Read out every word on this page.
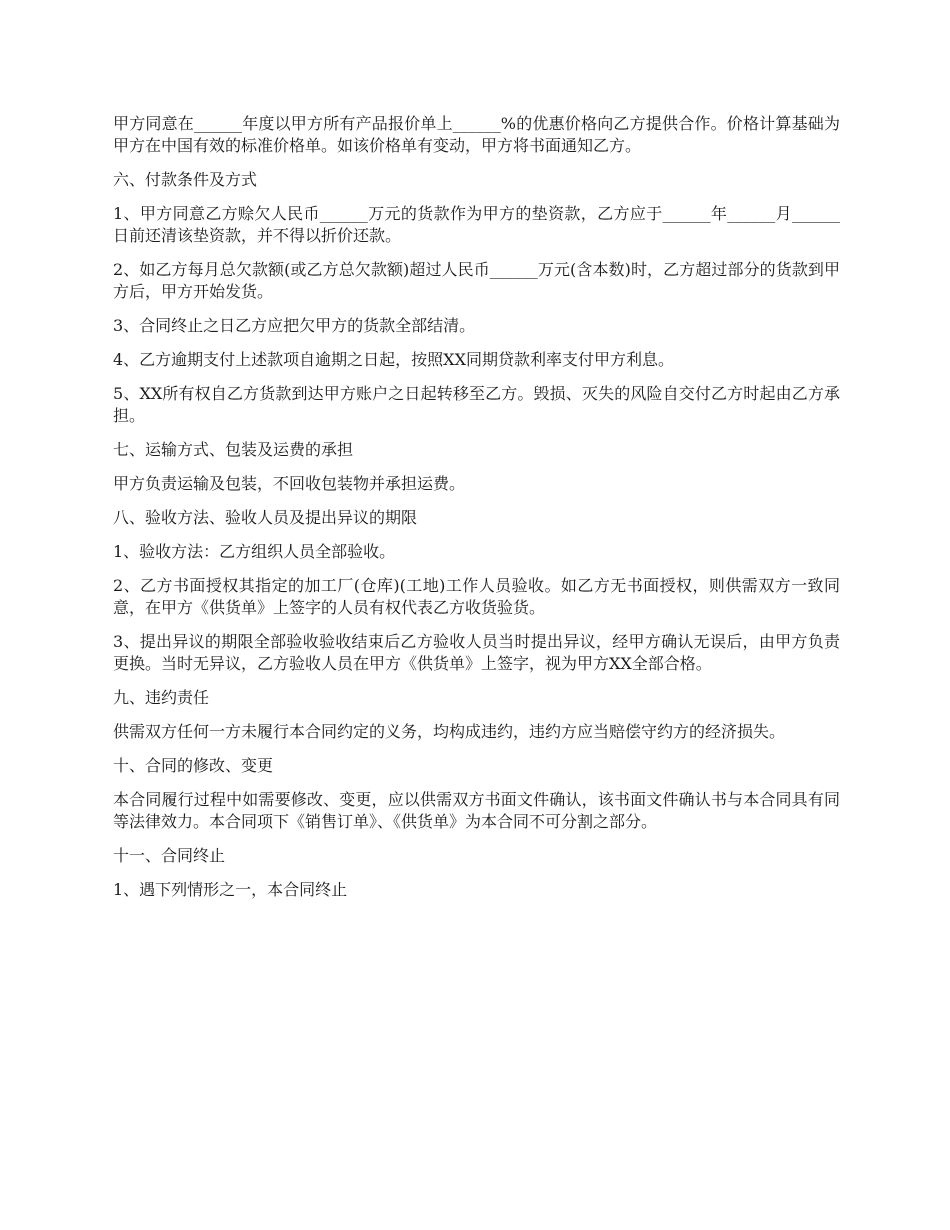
甲方同意在______年度以甲方所有产品报价单上______%的优惠价格向乙方提供合作。价格计算基础为甲方在中国有效的标准价格单。如该价格单有变动，甲方将书面通知乙方。

六、付款条件及方式

1、甲方同意乙方赊欠人民币______万元的货款作为甲方的垫资款，乙方应于______年______月______日前还清该垫资款，并不得以折价还款。

2、如乙方每月总欠款额(或乙方总欠款额)超过人民币______万元(含本数)时，乙方超过部分的货款到甲方后，甲方开始发货。

3、合同终止之日乙方应把欠甲方的货款全部结清。

4、乙方逾期支付上述款项自逾期之日起，按照XX同期贷款利率支付甲方利息。

5、XX所有权自乙方货款到达甲方账户之日起转移至乙方。毁损、灭失的风险自交付乙方时起由乙方承担。

七、运输方式、包装及运费的承担

甲方负责运输及包装，不回收包装物并承担运费。

八、验收方法、验收人员及提出异议的期限

1、验收方法：乙方组织人员全部验收。

2、乙方书面授权其指定的加工厂(仓库)(工地)工作人员验收。如乙方无书面授权，则供需双方一致同意，在甲方《供货单》上签字的人员有权代表乙方收货验货。

3、提出异议的期限全部验收验收结束后乙方验收人员当时提出异议，经甲方确认无误后，由甲方负责更换。当时无异议，乙方验收人员在甲方《供货单》上签字，视为甲方XX全部合格。

九、违约责任

供需双方任何一方未履行本合同约定的义务，均构成违约，违约方应当赔偿守约方的经济损失。

十、合同的修改、变更

本合同履行过程中如需要修改、变更，应以供需双方书面文件确认，该书面文件确认书与本合同具有同等法律效力。本合同项下《销售订单》、《供货单》为本合同不可分割之部分。

十一、合同终止

1、遇下列情形之一，本合同终止
